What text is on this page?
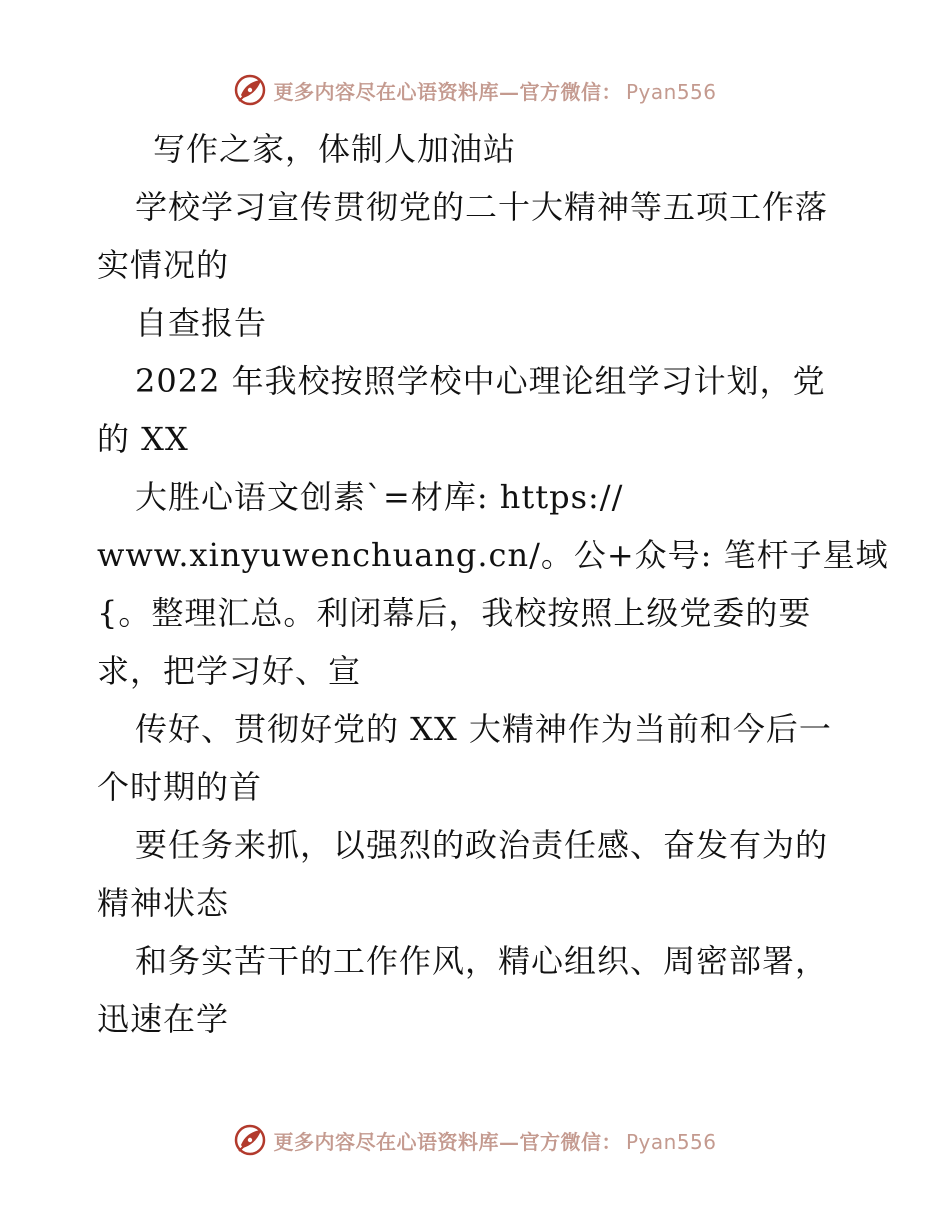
更多内容尽在心语资料库—官方微信： Pyan556
写作之家，体制人加油站
学校学习宣传贯彻党的二十大精神等五项工作落
实情况的
自查报告
2022 年我校按照学校中心理论组学习计划，党
的 XX
大胜心语文创素`=材库: https://
www.xinyuwenchuang.cn/。公+众号: 笔杆子星域
{。整理汇总。利闭幕后，我校按照上级党委的要
求，把学习好、宣
传好、贯彻好党的 XX 大精神作为当前和今后一
个时期的首
要任务来抓，以强烈的政治责任感、奋发有为的
精神状态
和务实苦干的工作作风，精心组织、周密部署，
迅速在学
更多内容尽在心语资料库—官方微信： Pyan556
